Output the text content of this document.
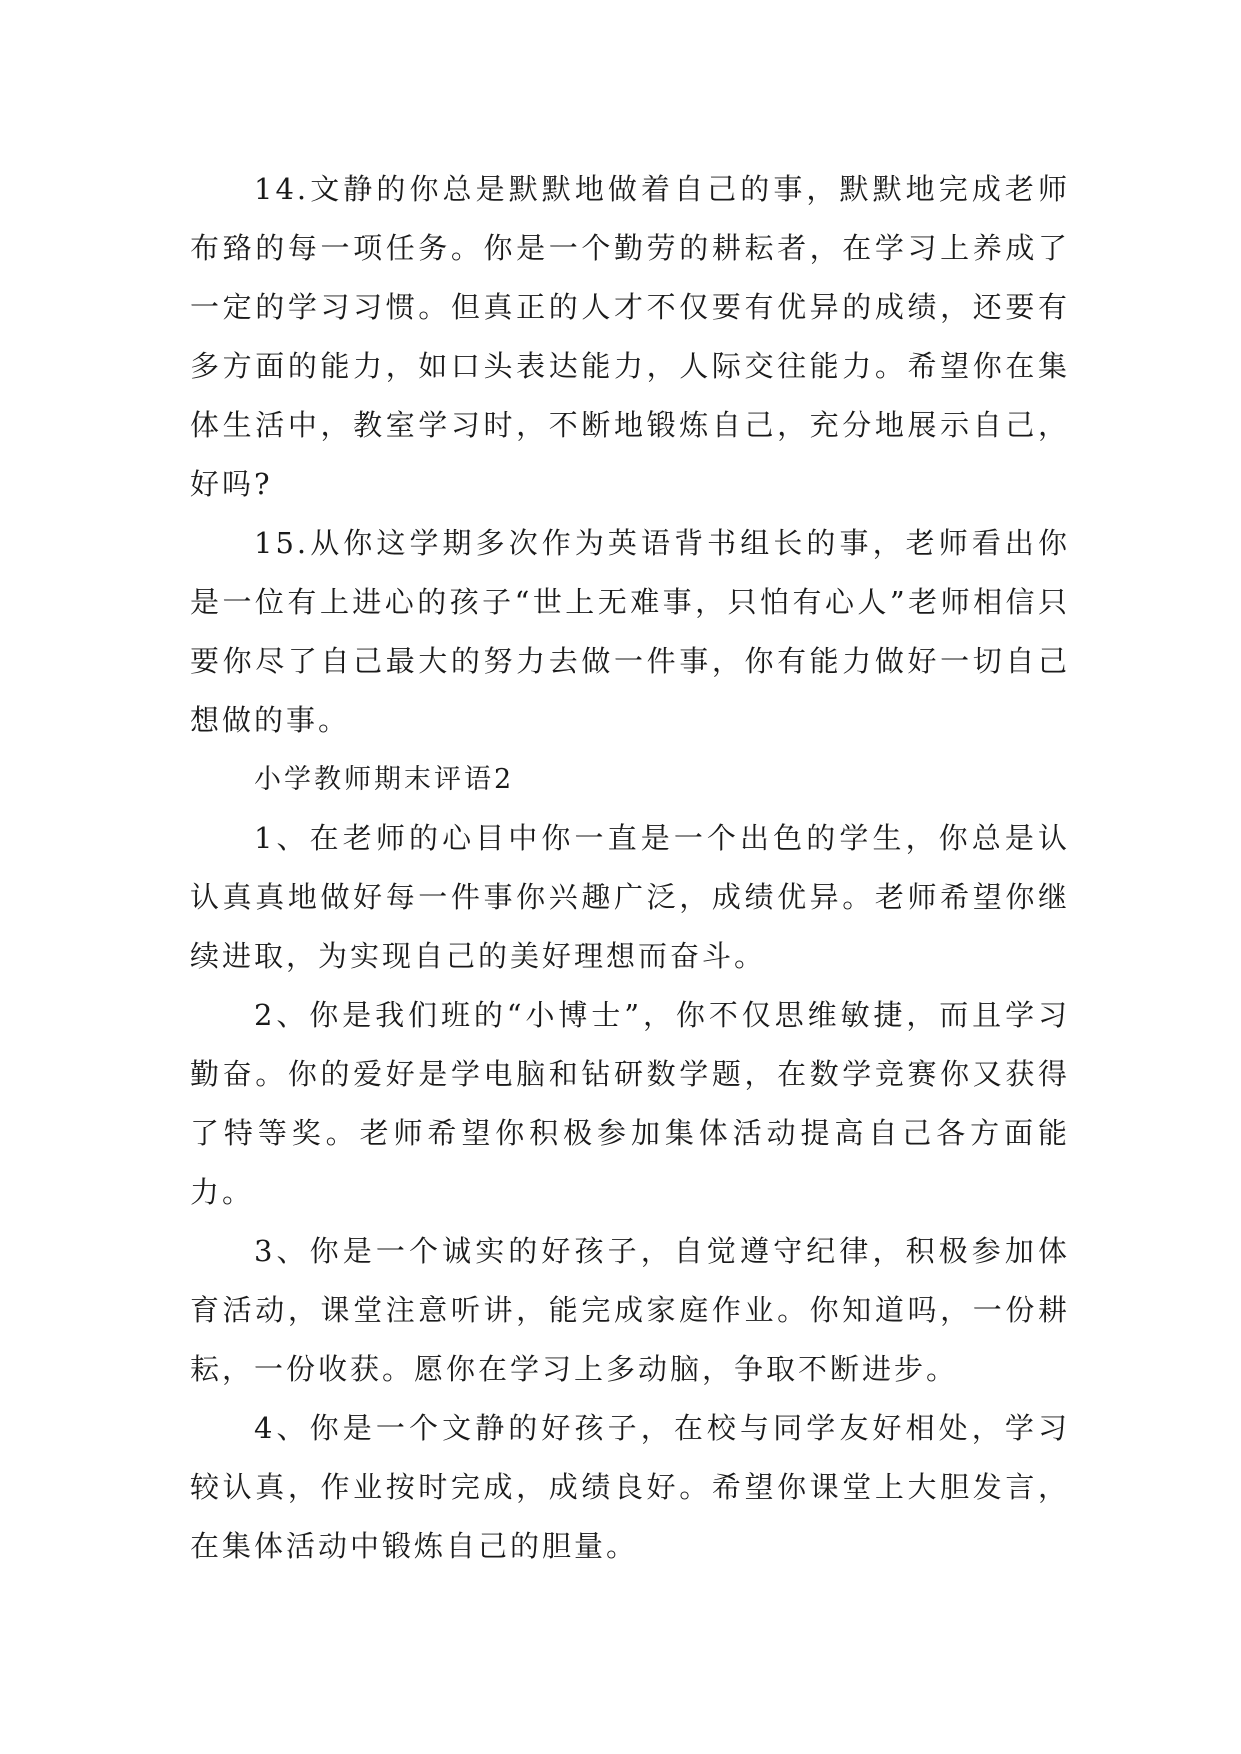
14.文静的你总是默默地做着自己的事，默默地完成老师布臵的每一项任务。你是一个勤劳的耕耘者，在学习上养成了一定的学习习惯。但真正的人才不仅要有优异的成绩，还要有多方面的能力，如口头表达能力，人际交往能力。希望你在集体生活中，教室学习时，不断地锻炼自己，充分地展示自己，好吗?

15.从你这学期多次作为英语背书组长的事，老师看出你是一位有上进心的孩子“世上无难事，只怕有心人”老师相信只要你尽了自己最大的努力去做一件事，你有能力做好一切自己想做的事。

小学教师期末评语2

1、在老师的心目中你一直是一个出色的学生，你总是认认真真地做好每一件事你兴趣广泛，成绩优异。老师希望你继续进取，为实现自己的美好理想而奋斗。

2、你是我们班的“小博士”，你不仅思维敏捷，而且学习勤奋。你的爱好是学电脑和钻研数学题，在数学竞赛你又获得了特等奖。老师希望你积极参加集体活动提高自己各方面能力。

3、你是一个诚实的好孩子，自觉遵守纪律，积极参加体育活动，课堂注意听讲，能完成家庭作业。你知道吗，一份耕耘，一份收获。愿你在学习上多动脑，争取不断进步。

4、你是一个文静的好孩子，在校与同学友好相处，学习较认真，作业按时完成，成绩良好。希望你课堂上大胆发言，在集体活动中锻炼自己的胆量。
